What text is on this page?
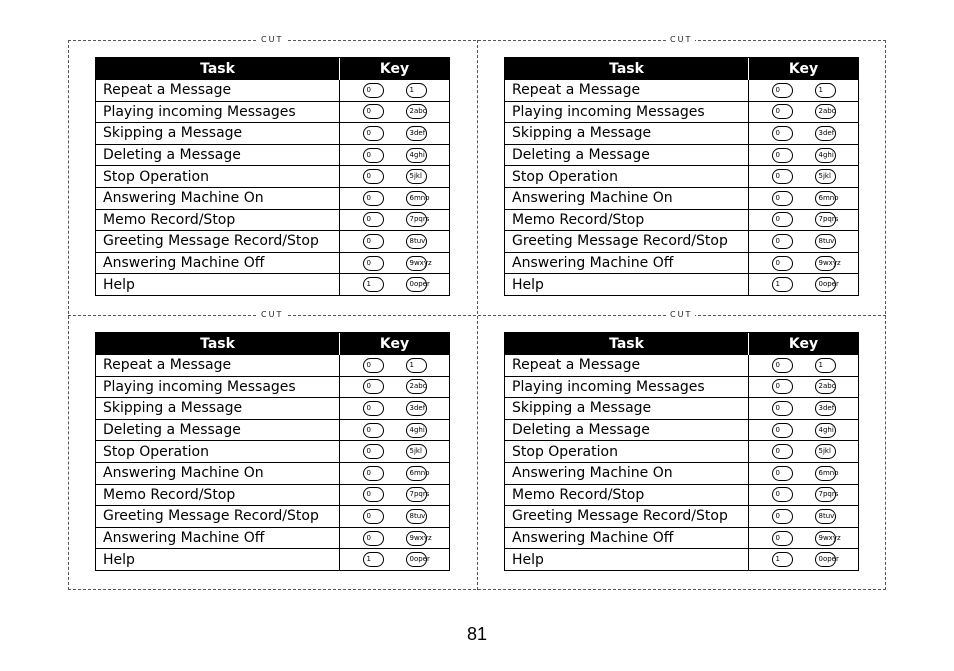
CUT	CUT
CUT	CUT
Task	Key
Repeat a Message	0 1
Playing incoming Messages	0 2abc
Skipping a Message	0 3def
Deleting a Message	0 4ghi
Stop Operation	0 5jkl
Answering Machine On	0 6mno
Memo Record/Stop	0 7pqrs
Greeting Message Record/Stop	0 8tuv
Answering Machine Off	0 9wxyz
Help	1 0oper
Task	Key
Repeat a Message	0 1
Playing incoming Messages	0 2abc
Skipping a Message	0 3def
Deleting a Message	0 4ghi
Stop Operation	0 5jkl
Answering Machine On	0 6mno
Memo Record/Stop	0 7pqrs
Greeting Message Record/Stop	0 8tuv
Answering Machine Off	0 9wxyz
Help	1 0oper
Task	Key
Repeat a Message	0 1
Playing incoming Messages	0 2abc
Skipping a Message	0 3def
Deleting a Message	0 4ghi
Stop Operation	0 5jkl
Answering Machine On	0 6mno
Memo Record/Stop	0 7pqrs
Greeting Message Record/Stop	0 8tuv
Answering Machine Off	0 9wxyz
Help	1 0oper
Task	Key
Repeat a Message	0 1
Playing incoming Messages	0 2abc
Skipping a Message	0 3def
Deleting a Message	0 4ghi
Stop Operation	0 5jkl
Answering Machine On	0 6mno
Memo Record/Stop	0 7pqrs
Greeting Message Record/Stop	0 8tuv
Answering Machine Off	0 9wxyz
Help	1 0oper
81
